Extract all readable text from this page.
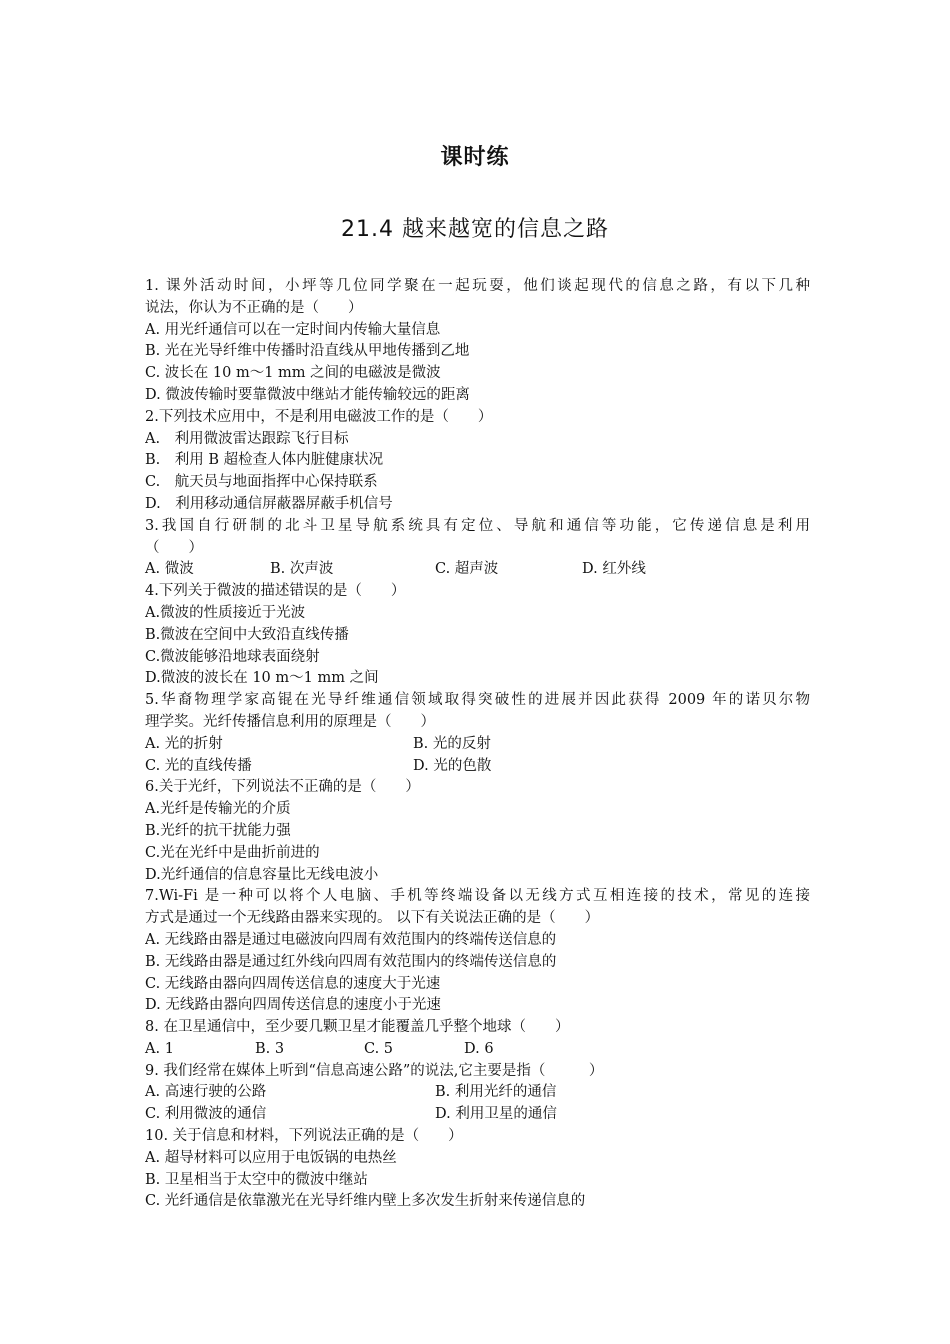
课时练
21.4 越来越宽的信息之路
1. 课外活动时间，小坪等几位同学聚在一起玩耍，他们谈起现代的信息之路，有以下几种
说法，你认为不正确的是（　　）
A. 用光纤通信可以在一定时间内传输大量信息
B. 光在光导纤维中传播时沿直线从甲地传播到乙地
C. 波长在 10 m～1 mm 之间的电磁波是微波
D. 微波传输时要靠微波中继站才能传输较远的距离
2.下列技术应用中，不是利用电磁波工作的是（　　）
A.　利用微波雷达跟踪飞行目标
B.　利用 B 超检查人体内脏健康状况
C.　航天员与地面指挥中心保持联系
D.　利用移动通信屏蔽器屏蔽手机信号
3.我国自行研制的北斗卫星导航系统具有定位、导航和通信等功能，它传递信息是利用
（　　）
A. 微波	B. 次声波	C. 超声波	D. 红外线
4.下列关于微波的描述错误的是（　　）
A.微波的性质接近于光波
B.微波在空间中大致沿直线传播
C.微波能够沿地球表面绕射
D.微波的波长在 10 m～1 mm 之间
5.华裔物理学家高锟在光导纤维通信领域取得突破性的进展并因此获得 2009 年的诺贝尔物
理学奖。光纤传播信息利用的原理是（　　）
A. 光的折射	B. 光的反射
C. 光的直线传播	D. 光的色散
6.关于光纤，下列说法不正确的是（　　）
A.光纤是传输光的介质
B.光纤的抗干扰能力强
C.光在光纤中是曲折前进的
D.光纤通信的信息容量比无线电波小
7.Wi-Fi 是一种可以将个人电脑、手机等终端设备以无线方式互相连接的技术，常见的连接
方式是通过一个无线路由器来实现的。 以下有关说法正确的是（　　）
A. 无线路由器是通过电磁波向四周有效范围内的终端传送信息的
B. 无线路由器是通过红外线向四周有效范围内的终端传送信息的
C. 无线路由器向四周传送信息的速度大于光速
D. 无线路由器向四周传送信息的速度小于光速
8. 在卫星通信中，至少要几颗卫星才能覆盖几乎整个地球（　　）
A. 1	B. 3	C. 5	D. 6
9. 我们经常在媒体上听到“信息高速公路”的说法,它主要是指（　　　）
A. 高速行驶的公路	B. 利用光纤的通信
C. 利用微波的通信	D. 利用卫星的通信
10. 关于信息和材料，下列说法正确的是（　　）
A. 超导材料可以应用于电饭锅的电热丝
B. 卫星相当于太空中的微波中继站
C. 光纤通信是依靠激光在光导纤维内壁上多次发生折射来传递信息的
